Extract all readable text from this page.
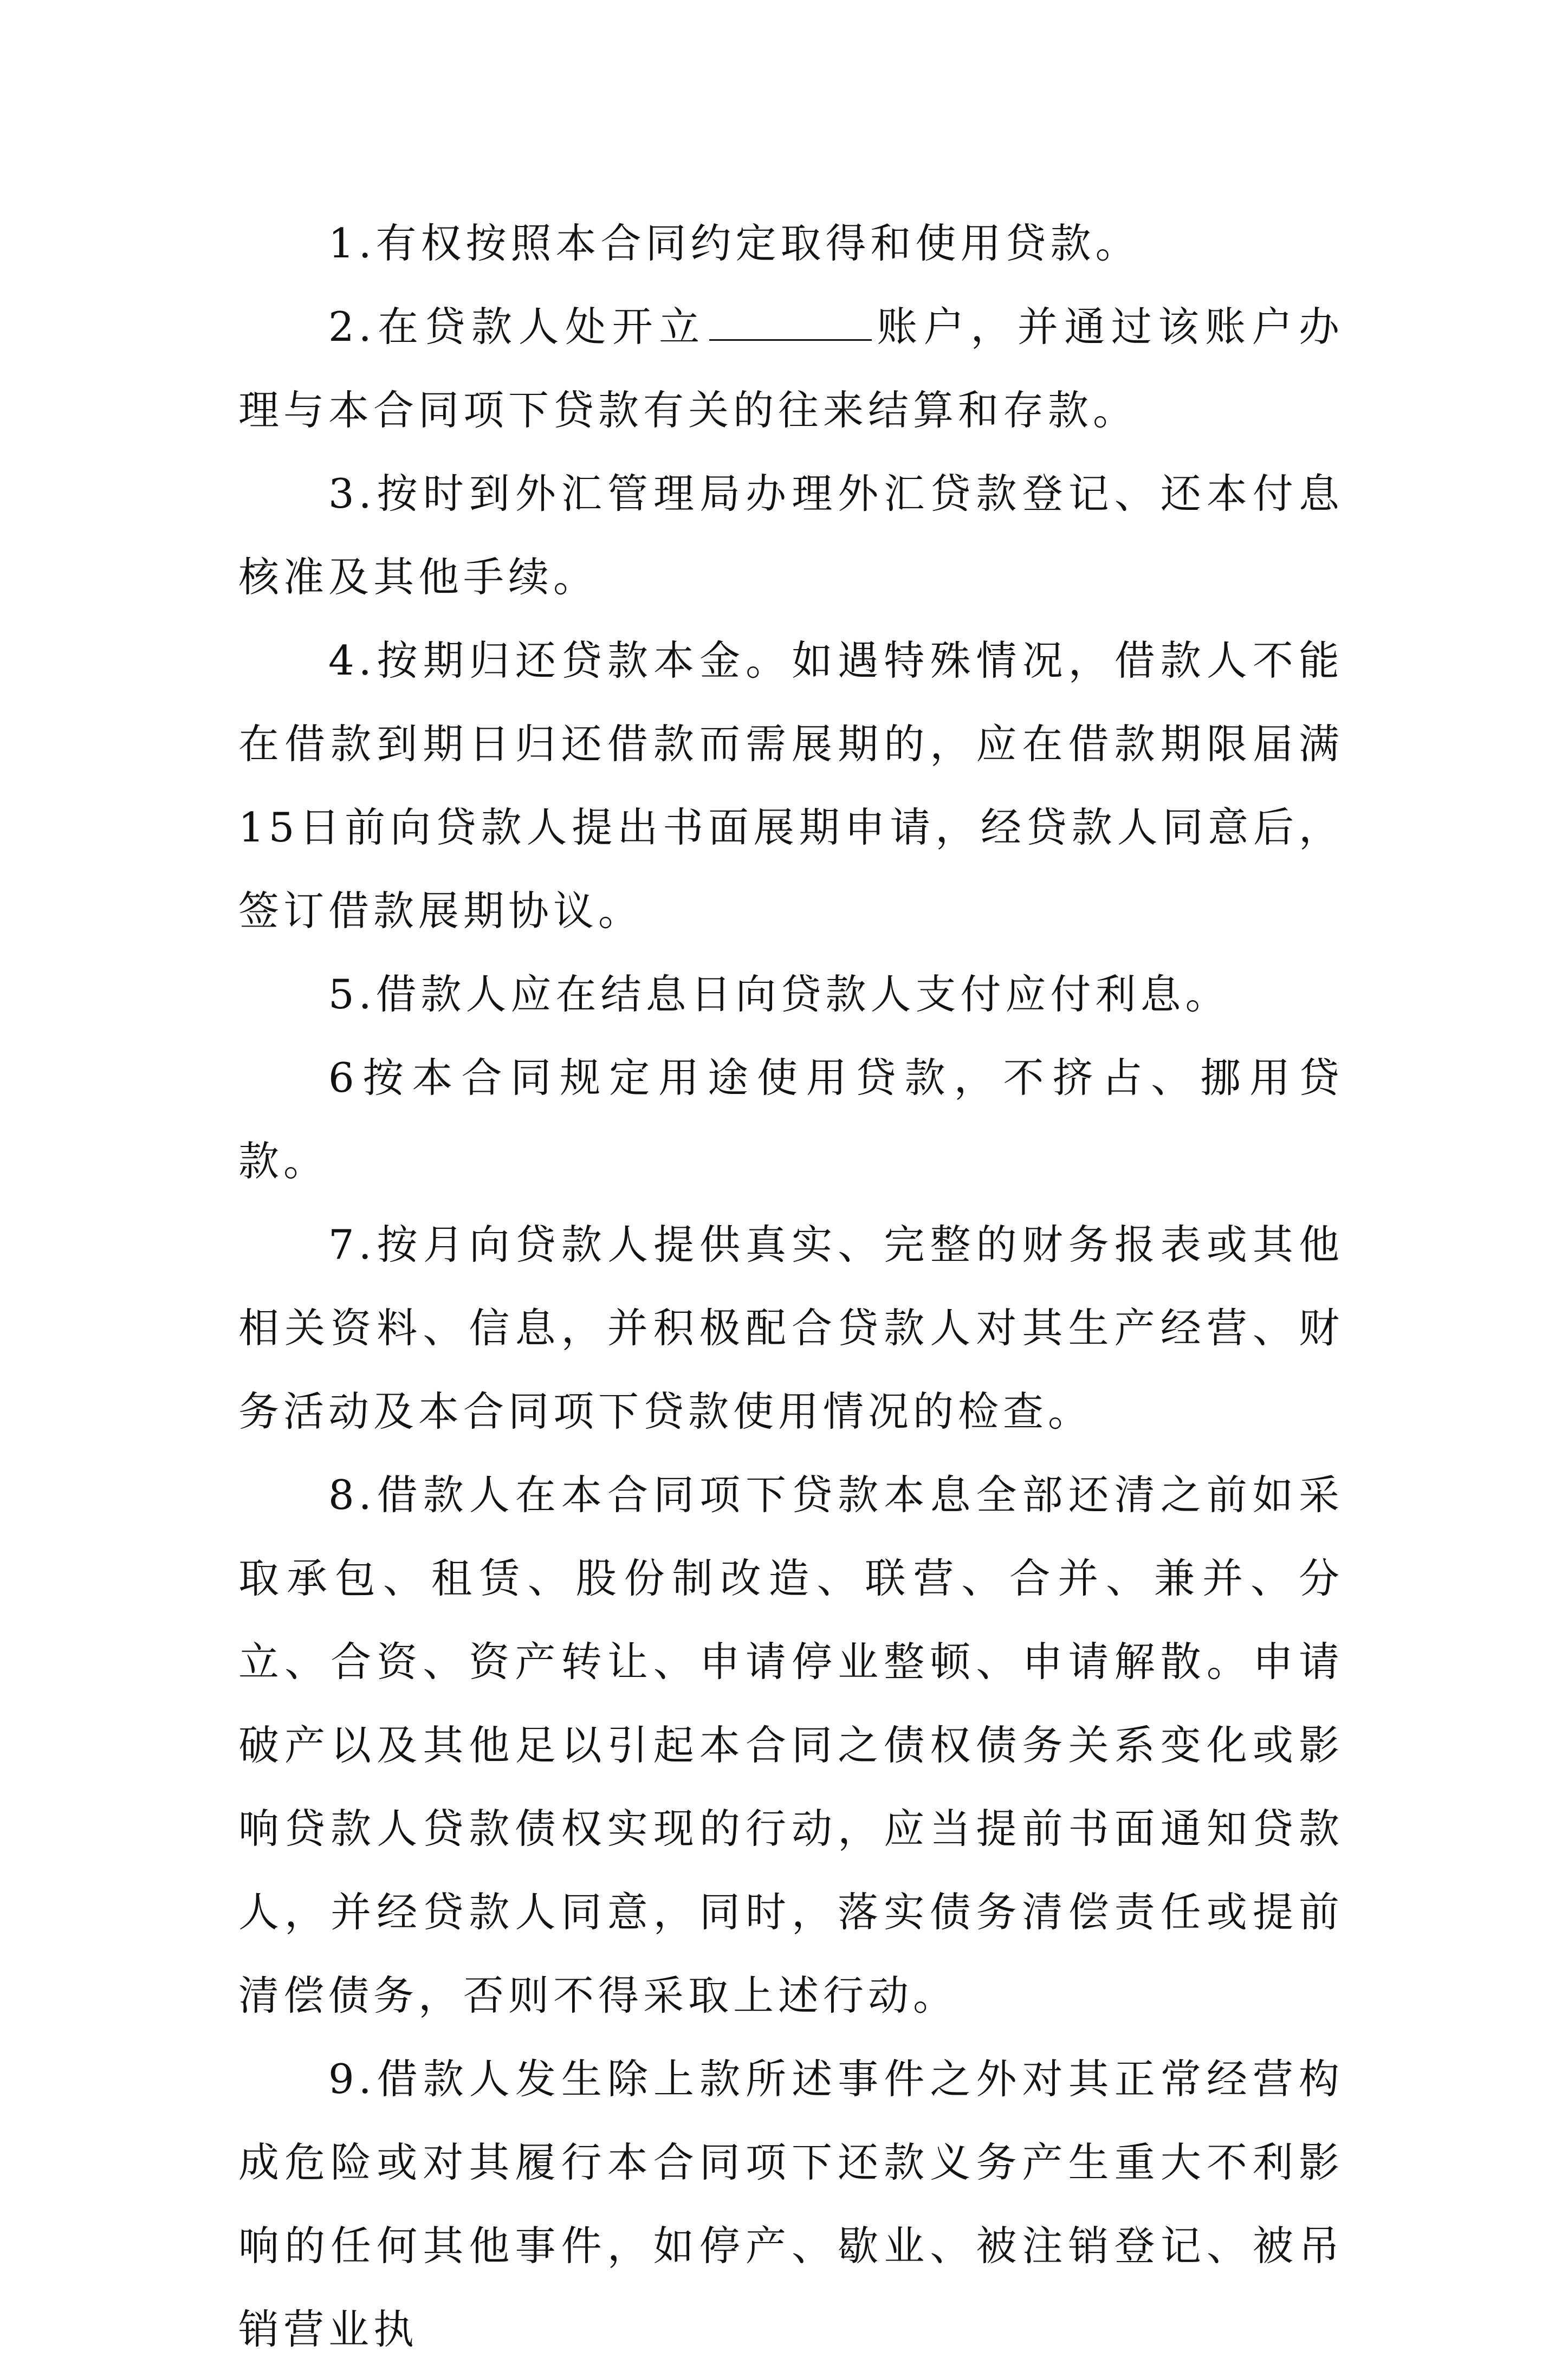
1.有权按照本合同约定取得和使用贷款。

2.在贷款人处开立	账户，并通过该账户办理与本合同项下贷款有关的往来结算和存款。

3.按时到外汇管理局办理外汇贷款登记、还本付息核准及其他手续。

4.按期归还贷款本金。如遇特殊情况，借款人不能在借款到期日归还借款而需展期的，应在借款期限届满15日前向贷款人提出书面展期申请，经贷款人同意后，签订借款展期协议。

5.借款人应在结息日向贷款人支付应付利息。

6按本合同规定用途使用贷款，不挤占、挪用贷款。

7.按月向贷款人提供真实、完整的财务报表或其他相关资料、信息，并积极配合贷款人对其生产经营、财务活动及本合同项下贷款使用情况的检查。

8.借款人在本合同项下贷款本息全部还清之前如采取承包、租赁、股份制改造、联营、合并、兼并、分立、合资、资产转让、申请停业整顿、申请解散。申请破产以及其他足以引起本合同之债权债务关系变化或影响贷款人贷款债权实现的行动，应当提前书面通知贷款人，并经贷款人同意，同时，落实债务清偿责任或提前清偿债务，否则不得采取上述行动。

9.借款人发生除上款所述事件之外对其正常经营构成危险或对其履行本合同项下还款义务产生重大不利影响的任何其他事件，如停产、歇业、被注销登记、被吊销营业执
